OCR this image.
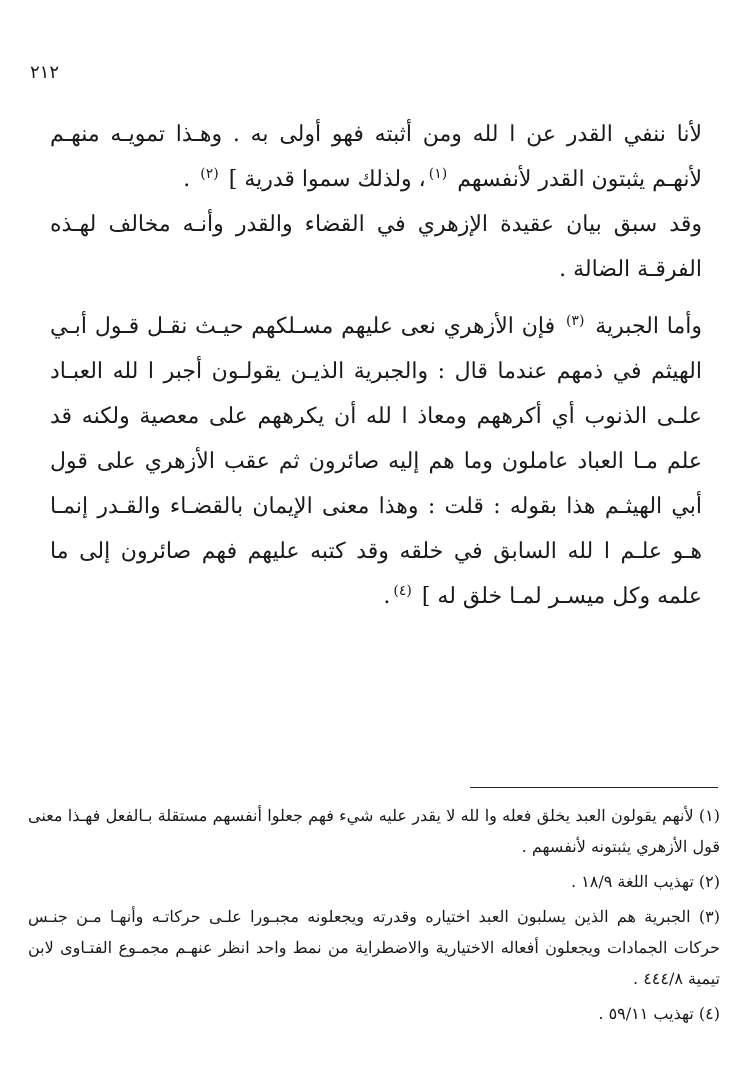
٢١٢

لأنا ننفي القدر عن ا لله ومن أثبته فهو أولى به . وهـذا تمويـه منهـم لأنهـم يثبتون القدر لأنفسهم $^{(١)}$، ولذلك سموا قدرية ] $^{(٢)}$ .

وقد سبق بيان عقيدة الإزهري في القضاء والقدر وأنـه مخالف لهـذه الفرقـة الضالة .

وأما الجبرية $^{(٣)}$ فإن الأزهري نعى عليهم مسـلكهم حيـث نقـل قـول أبـي الهيثم في ذمهم عندما قال : والجبرية الذيـن يقولـون أجبر ا لله العبـاد علـى الذنوب أي أكرههم ومعاذ ا لله أن يكرههم على معصية ولكنه قد علم مـا العباد عاملون وما هم إليه صائرون ثم عقب الأزهري على قول أبي الهيثـم هذا بقوله : قلت : وهذا معنى الإيمان بالقضـاء والقـدر إنمـا هـو علـم ا لله السابق في خلقه وقد كتبه عليهم فهم صائرون إلى ما علمه وكل ميسـر لمـا خلق له ] $^{(٤)}$.

(١) لأنهم يقولون العبد يخلق فعله وا لله لا يقدر عليه شيء فهم جعلوا أنفسهم مستقلة بـالفعل فهـذا معنى قول الأزهري يثبتونه لأنفسهم .

(٢) تهذيب اللغة ١٨/٩ .

(٣) الجبرية هم الذين يسلبون العبد اختياره وقدرته ويجعلونه مجبـورا علـى حركاتـه وأنهـا مـن جنـس حركات الجمادات ويجعلون أفعاله الاختيارية والاضطراية من نمط واحد انظر عنهـم مجمـوع الفتـاوى لابن تيمية ٤٤٤/٨ .

(٤) تهذيب ٥٩/١١ .
